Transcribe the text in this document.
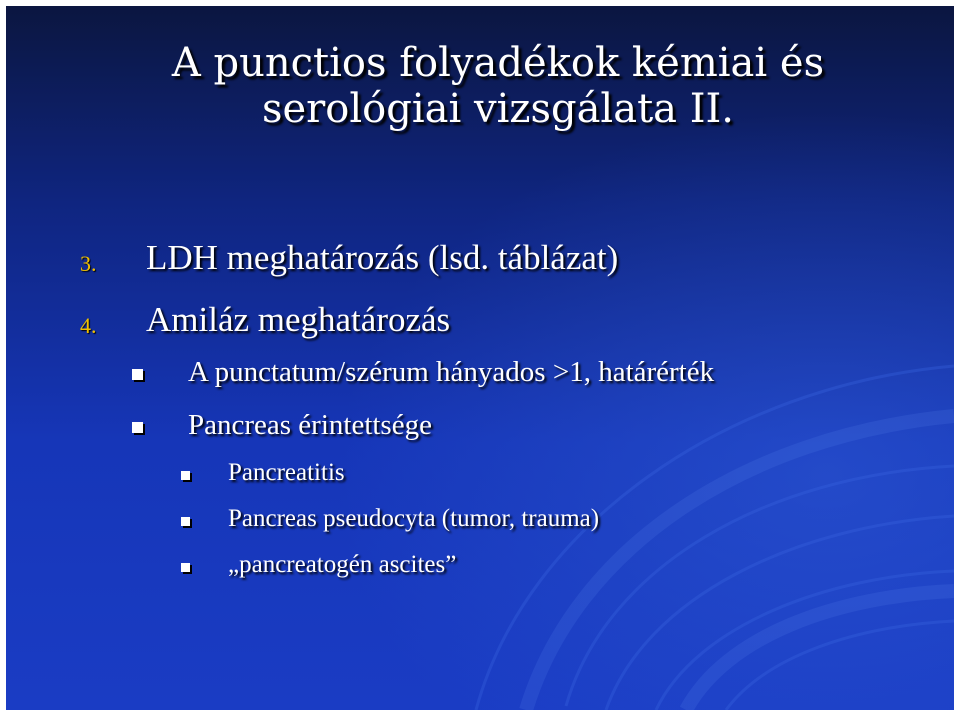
A punctios folyadékok kémiai és
serológiai vizsgálata II.
3. LDH meghatározás (lsd. táblázat)
4. Amiláz meghatározás
A punctatum/szérum hányados >1, határérték
Pancreas érintettsége
Pancreatitis
Pancreas pseudocyta (tumor, trauma)
„pancreatogén ascites”
